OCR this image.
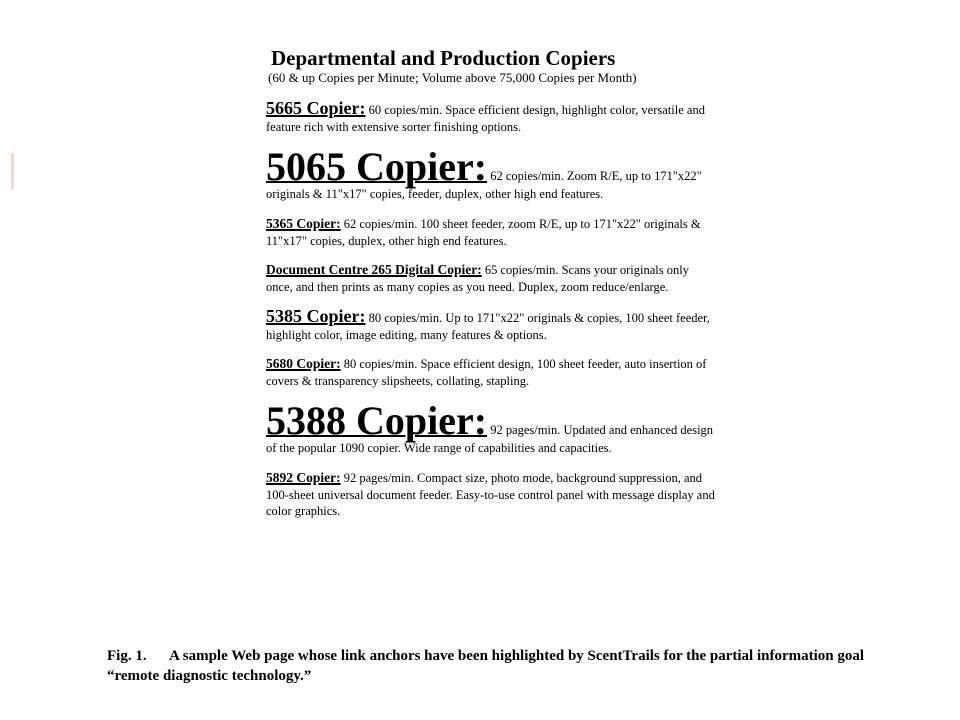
Departmental and Production Copiers
(60 & up Copies per Minute; Volume above 75,000 Copies per Month)
5665 Copier: 60 copies/min. Space efficient design, highlight color, versatile and feature rich with extensive sorter finishing options.
5065 Copier: 62 copies/min. Zoom R/E, up to 171"x22" originals & 11"x17" copies, feeder, duplex, other high end features.
5365 Copier: 62 copies/min. 100 sheet feeder, zoom R/E, up to 171"x22" originals & 11"x17" copies, duplex, other high end features.
Document Centre 265 Digital Copier: 65 copies/min. Scans your originals only once, and then prints as many copies as you need. Duplex, zoom reduce/enlarge.
5385 Copier: 80 copies/min. Up to 171"x22" originals & copies, 100 sheet feeder, highlight color, image editing, many features & options.
5680 Copier: 80 copies/min. Space efficient design, 100 sheet feeder, auto insertion of covers & transparency slipsheets, collating, stapling.
5388 Copier: 92 pages/min. Updated and enhanced design of the popular 1090 copier. Wide range of capabilities and capacities.
5892 Copier: 92 pages/min. Compact size, photo mode, background suppression, and 100-sheet universal document feeder. Easy-to-use control panel with message display and color graphics.
Fig. 1. A sample Web page whose link anchors have been highlighted by ScentTrails for the partial information goal “remote diagnostic technology.”
